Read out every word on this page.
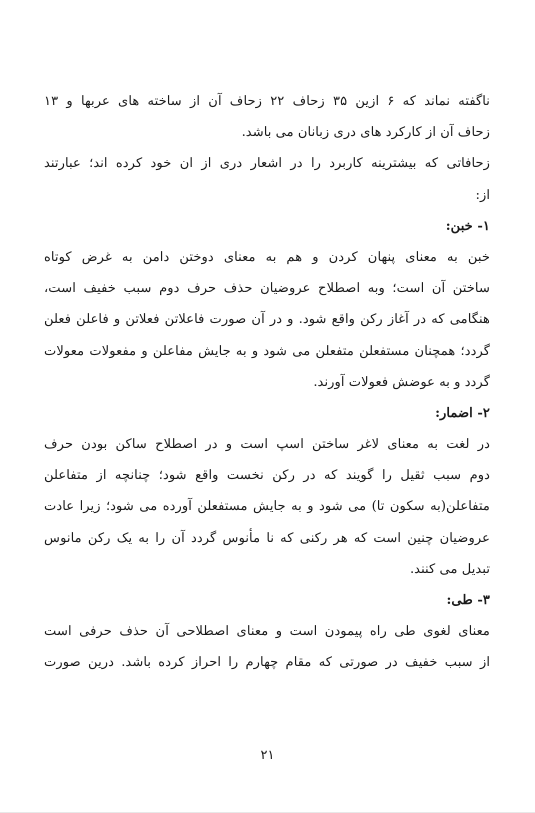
ناگفته نماند که ۶ ازین ۳۵ زحاف ۲۲ زحاف آن از ساخته های عربها و ۱۳
زحاف آن از کارکرد های دری زبانان می باشد.
زحافاتی که بیشترینه کاربرد را در اشعار دری از ان خود کرده اند؛ عبارتند
از:
۱- خبن:
خبن به معنای پنهان کردن و هم به معنای دوختن دامن به غرض کوتاه
ساختن آن است؛ وبه اصطلاح عروضیان حذف حرف دوم سبب خفیف است،
هنگامی که در آغاز رکن واقع شود. و در آن صورت فاعلاتن فعلاتن و فاعلن فعلن
گردد؛ همچنان مستفعلن متفعلن می شود و به جایش مفاعلن و مفعولات معولات
گردد و به عوضش فعولات آورند.
۲- اضمار:
در لغت به معنای لاغر ساختن اسپ است و در اصطلاح ساکن بودن حرف
دوم سبب ثقیل را گویند که در رکن نخست واقع شود؛ چنانچه از متفاعلن
متفاعلن(به سکون تا) می شود و به جایش مستفعلن آورده می شود؛ زیرا عادت
عروضیان چنین است که هر رکنی که نا مأنوس گردد آن را به یک رکن مانوس
تبدیل می کنند.
۳- طی:
معنای لغوی طی راه پیمودن است و معنای اصطلاحی آن حذف حرفی است
از سبب خفیف در صورتی که مقام چهارم را احراز کرده باشد. درین صورت
۲۱
